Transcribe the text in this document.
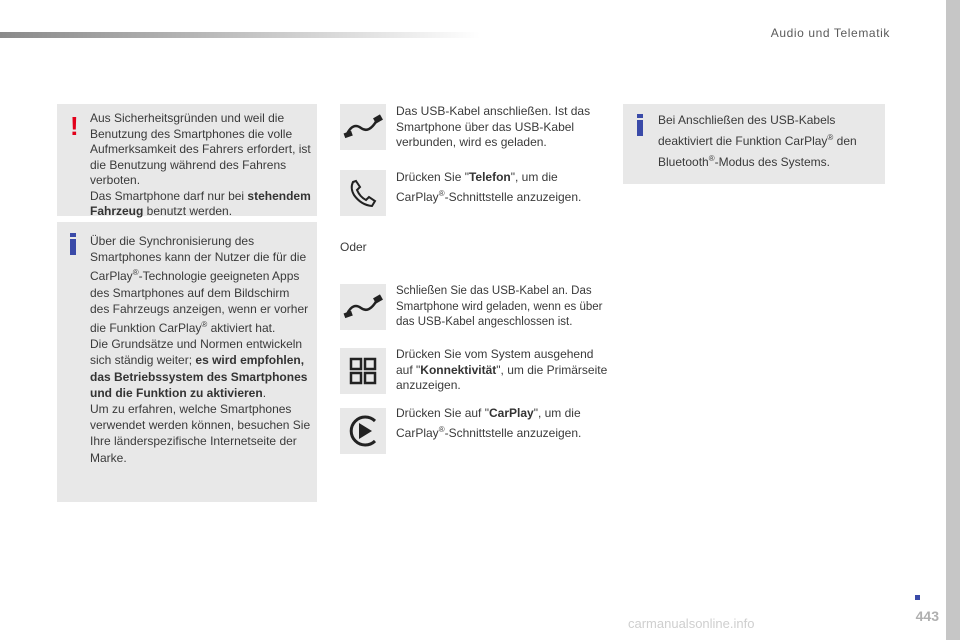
Audio und Telematik
! Aus Sicherheitsgründen und weil die Benutzung des Smartphones die volle Aufmerksamkeit des Fahrers erfordert, ist die Benutzung während des Fahrens verboten.
Das Smartphone darf nur bei stehendem Fahrzeug benutzt werden.
Über die Synchronisierung des Smartphones kann der Nutzer die für die CarPlay®-Technologie geeigneten Apps des Smartphones auf dem Bildschirm des Fahrzeugs anzeigen, wenn er vorher die Funktion CarPlay® aktiviert hat.
Die Grundsätze und Normen entwickeln sich ständig weiter; es wird empfohlen, das Betriebssystem des Smartphones und die Funktion zu aktivieren.
Um zu erfahren, welche Smartphones verwendet werden können, besuchen Sie Ihre länderspezifische Internetseite der Marke.
Das USB-Kabel anschließen. Ist das Smartphone über das USB-Kabel verbunden, wird es geladen.
Drücken Sie "Telefon", um die CarPlay®-Schnittstelle anzuzeigen.
Oder
Schließen Sie das USB-Kabel an. Das Smartphone wird geladen, wenn es über das USB-Kabel angeschlossen ist.
Drücken Sie vom System ausgehend auf "Konnektivität", um die Primärseite anzuzeigen.
Drücken Sie auf "CarPlay", um die CarPlay®-Schnittstelle anzuzeigen.
Bei Anschließen des USB-Kabels deaktiviert die Funktion CarPlay® den Bluetooth®-Modus des Systems.
443
carmanualsonline.info
